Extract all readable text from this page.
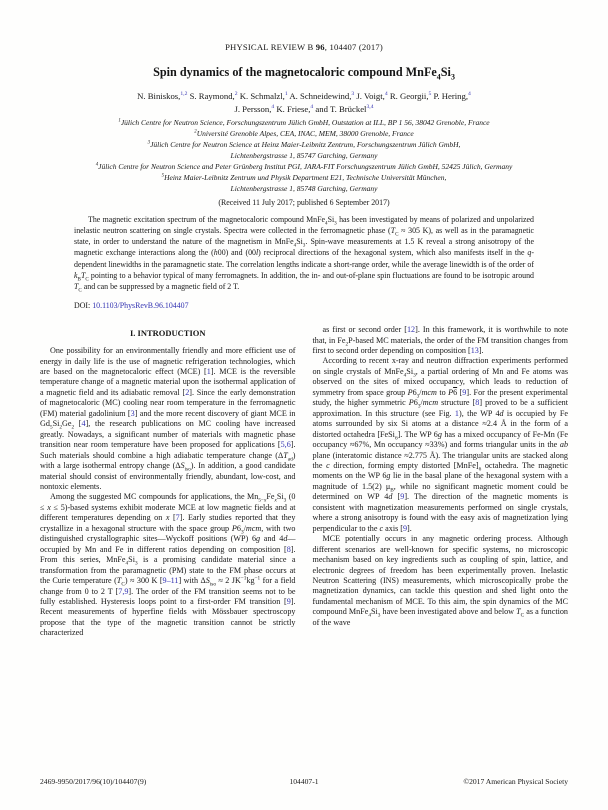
PHYSICAL REVIEW B 96, 104407 (2017)
Spin dynamics of the magnetocaloric compound $MnFe_4Si_3$
N. Biniskos,$^{1,2}$ S. Raymond,$^2$ K. Schmalzl,$^1$ A. Schneidewind,$^3$ J. Voigt,$^4$ R. Georgii,$^5$ P. Hering,$^4$
J. Persson,$^4$ K. Friese,$^4$ and T. Brückel$^{3,4}$
$^1$Jülich Centre for Neutron Science, Forschungszentrum Jülich GmbH, Outstation at ILL, BP 1 56, 38042 Grenoble, France
$^2$Université Grenoble Alpes, CEA, INAC, MEM, 38000 Grenoble, France
$^3$Jülich Centre for Neutron Science at Heinz Maier-Leibnitz Zentrum, Forschungszentrum Jülich GmbH,
Lichtenbergstrasse 1, 85747 Garching, Germany
$^4$Jülich Centre for Neutron Science and Peter Grünberg Institut PGI, JARA-FIT Forschungszentrum Jülich GmbH, 52425 Jülich, Germany
$^5$Heinz Maier-Leibnitz Zentrum und Physik Department E21, Technische Universität München,
Lichtenbergstrasse 1, 85748 Garching, Germany
(Received 11 July 2017; published 6 September 2017)

The magnetic excitation spectrum of the magnetocaloric compound $MnFe_4Si_3$ has been investigated by means of polarized and unpolarized inelastic neutron scattering on single crystals. Spectra were collected in the ferromagnetic phase ($T_C \approx 305$ K), as well as in the paramagnetic state, in order to understand the nature of the magnetism in $MnFe_4Si_3$. Spin-wave measurements at 1.5 K reveal a strong anisotropy of the magnetic exchange interactions along the (h00) and (00l) reciprocal directions of the hexagonal system, which also manifests itself in the q-dependent linewidths in the paramagnetic state. The correlation lengths indicate a short-range order, while the average linewidth is of the order of $k_BT_C$ pointing to a behavior typical of many ferromagnets. In addition, the in- and out-of-plane spin fluctuations are found to be isotropic around $T_C$ and can be suppressed by a magnetic field of 2 T.

DOI: 10.1103/PhysRevB.96.104407
I. INTRODUCTION

One possibility for an environmentally friendly and more efficient use of energy in daily life is the use of magnetic refrigeration technologies, which are based on the magnetocaloric effect (MCE) [1]. MCE is the reversible temperature change of a magnetic material upon the isothermal application of a magnetic field and its adiabatic removal [2]. Since the early demonstration of magnetocaloric (MC) cooling near room temperature in the ferromagnetic (FM) material gadolinium [3] and the more recent discovery of giant MCE in $Gd_5Si_2Ge_2$ [4], the research publications on MC cooling have increased greatly. Nowadays, a significant number of materials with magnetic phase transition near room temperature have been proposed for applications [5,6]. Such materials should combine a high adiabatic temperature change $(\Delta T_{ad})$ with a large isothermal entropy change $(\Delta S_{iso})$. In addition, a good candidate material should consist of environmentally friendly, abundant, low-cost, and nontoxic elements.

Among the suggested MC compounds for applications, the $Mn_{5-x}Fe_xSi_3$ (0 ≤ x ≤ 5)-based systems exhibit moderate MCE at low magnetic fields and at different temperatures depending on x [7]. Early studies reported that they crystallize in a hexagonal structure with the space group $P6_3$/mcm, with two distinguished crystallographic sites—Wyckoff positions (WP) 6g and 4d—occupied by Mn and Fe in different ratios depending on composition [8]. From this series, $MnFe_4Si_3$ is a promising candidate material since a transformation from the paramagnetic (PM) state to the FM phase occurs at the Curie temperature $(T_C) \approx 300$ K [9–11] with $\Delta S_{iso} \approx 2$ $JK^{-1}kg^{-1}$ for a field change from 0 to 2 T [7,9]. The order of the FM transition seems not to be fully established. Hysteresis loops point to a first-order FM transition [9]. Recent measurements of hyperfine fields with Mössbauer spectroscopy propose that the type of the magnetic transition cannot be strictly characterized

as first or second order [12]. In this framework, it is worthwhile to note that, in $Fe_2P$-based MC materials, the order of the FM transition changes from first to second order depending on composition [13].

According to recent x-ray and neutron diffraction experiments performed on single crystals of $MnFe_4Si_3$, a partial ordering of Mn and Fe atoms was observed on the sites of mixed occupancy, which leads to reduction of symmetry from space group $P6_3$/mcm to P6 [9]. For the present experimental study, the higher symmetric $P6_3$/mcm structure [8] proved to be a sufficient approximation. In this structure (see Fig. 1), the WP 4d is occupied by Fe atoms surrounded by six Si atoms at a distance ≈2.4 Å in the form of a distorted octahedra [FeSi$_6$]. The WP 6g has a mixed occupancy of Fe-Mn (Fe occupancy ≈67%, Mn occupancy ≈33%) and forms triangular units in the ab plane (interatomic distance ≈2.775 Å). The triangular units are stacked along the c direction, forming empty distorted $[MnFe]_6$ octahedra. The magnetic moments on the WP 6g lie in the basal plane of the hexagonal system with a magnitude of 1.5(2) $\mu_B$, while no significant magnetic moment could be determined on WP 4d [9]. The direction of the magnetic moments is consistent with magnetization measurements performed on single crystals, where a strong anisotropy is found with the easy axis of magnetization lying perpendicular to the c axis [9].

MCE potentially occurs in any magnetic ordering process. Although different scenarios are well-known for specific systems, no microscopic mechanism based on key ingredients such as coupling of spin, lattice, and electronic degrees of freedom has been experimentally proven. Inelastic Neutron Scattering (INS) measurements, which microscopically probe the magnetization dynamics, can tackle this question and shed light onto the fundamental mechanism of MCE. To this aim, the spin dynamics of the MC compound $MnFe_4Si_3$ have been investigated above and below $T_C$ as a function of the wave

104407-1
2469-9950/2017/96(10)/104407(9)	©2017 American Physical Society
